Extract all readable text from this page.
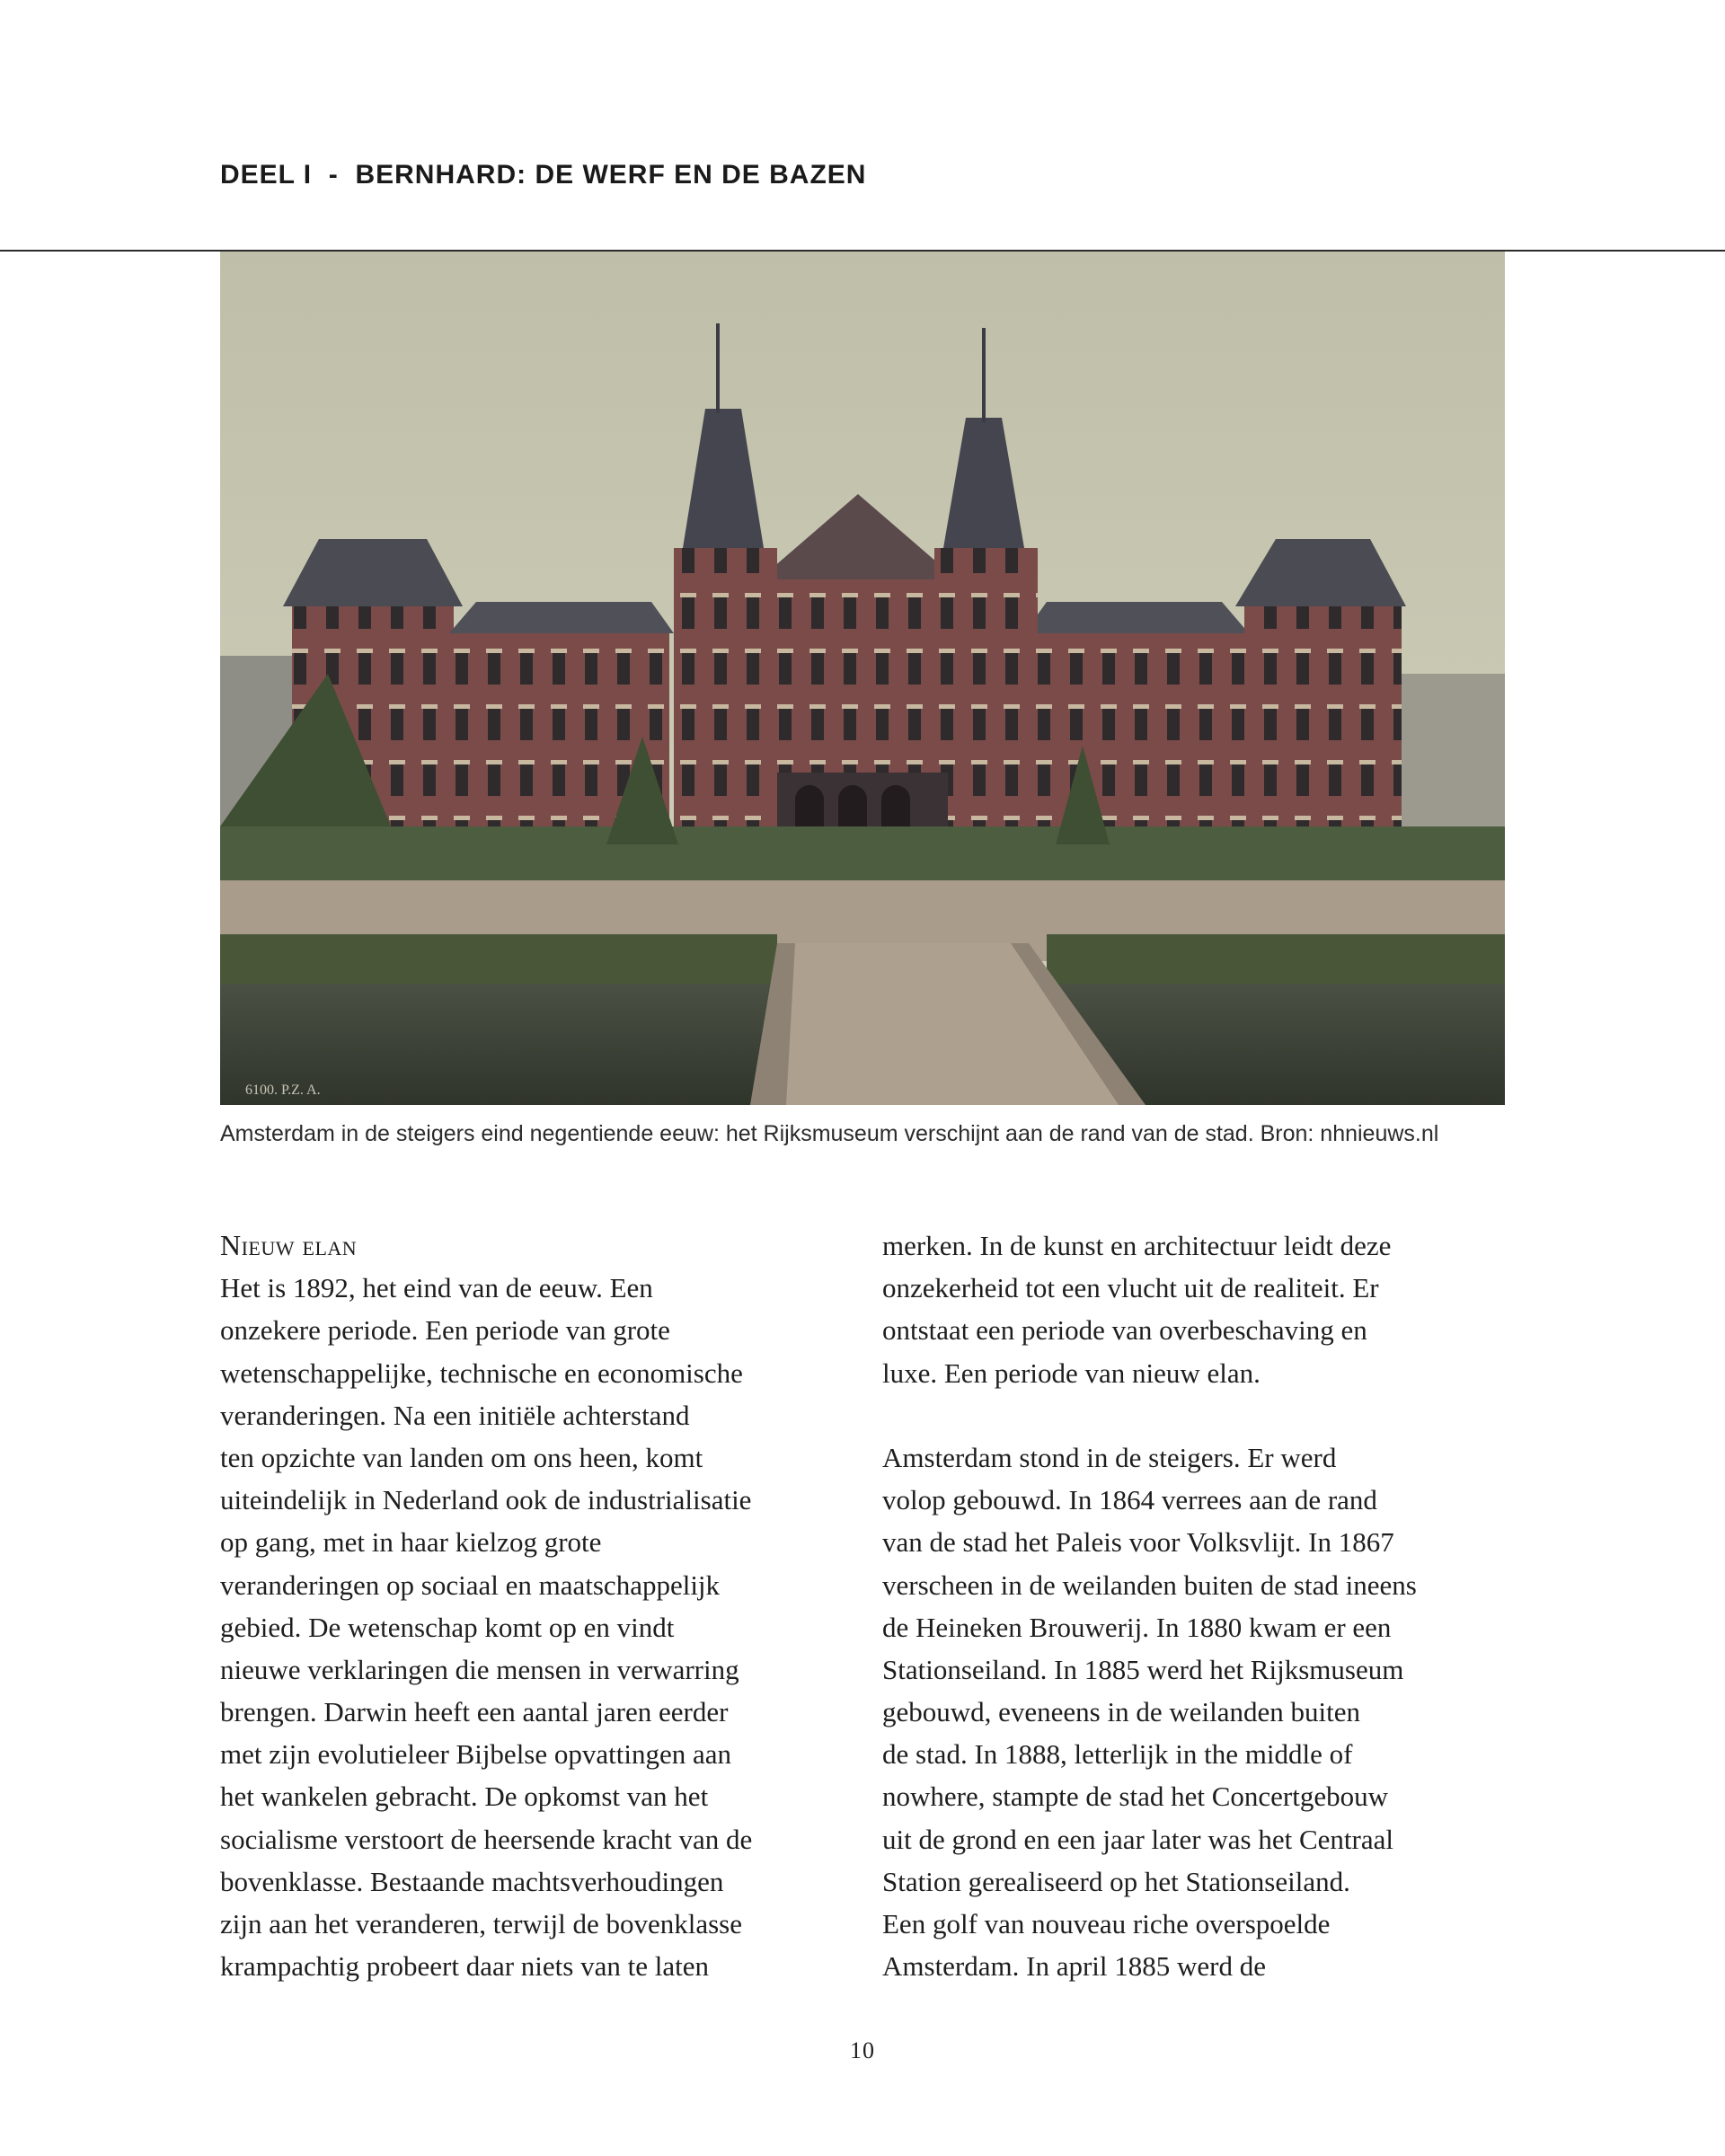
DEEL I  -  BERNHARD: DE WERF EN DE BAZEN
6100. P.Z. A.
Amsterdam in de steigers eind negentiende eeuw: het Rijksmuseum verschijnt aan de rand van de stad. Bron: nhnieuws.nl
Nieuw elan
Het is 1892, het eind van de eeuw. Een
onzekere periode. Een periode van grote
wetenschappelijke, technische en economische
veranderingen. Na een initiële achterstand
ten opzichte van landen om ons heen, komt
uiteindelijk in Nederland ook de industrialisatie
op gang, met in haar kielzog grote
veranderingen op sociaal en maatschappelijk
gebied. De wetenschap komt op en vindt
nieuwe verklaringen die mensen in verwarring
brengen. Darwin heeft een aantal jaren eerder
met zijn evolutieleer Bijbelse opvattingen aan
het wankelen gebracht. De opkomst van het
socialisme verstoort de heersende kracht van de
bovenklasse. Bestaande machtsverhoudingen
zijn aan het veranderen, terwijl de bovenklasse
krampachtig probeert daar niets van te laten
merken. In de kunst en architectuur leidt deze
onzekerheid tot een vlucht uit de realiteit. Er
ontstaat een periode van overbeschaving en
luxe. Een periode van nieuw elan.
Amsterdam stond in de steigers. Er werd
volop gebouwd. In 1864 verrees aan de rand
van de stad het Paleis voor Volksvlijt. In 1867
verscheen in de weilanden buiten de stad ineens
de Heineken Brouwerij. In 1880 kwam er een
Stationseiland. In 1885 werd het Rijksmuseum
gebouwd, eveneens in de weilanden buiten
de stad. In 1888, letterlijk in the middle of
nowhere, stampte de stad het Concertgebouw
uit de grond en een jaar later was het Centraal
Station gerealiseerd op het Stationseiland.
Een golf van nouveau riche overspoelde
Amsterdam. In april 1885 werd de
10
